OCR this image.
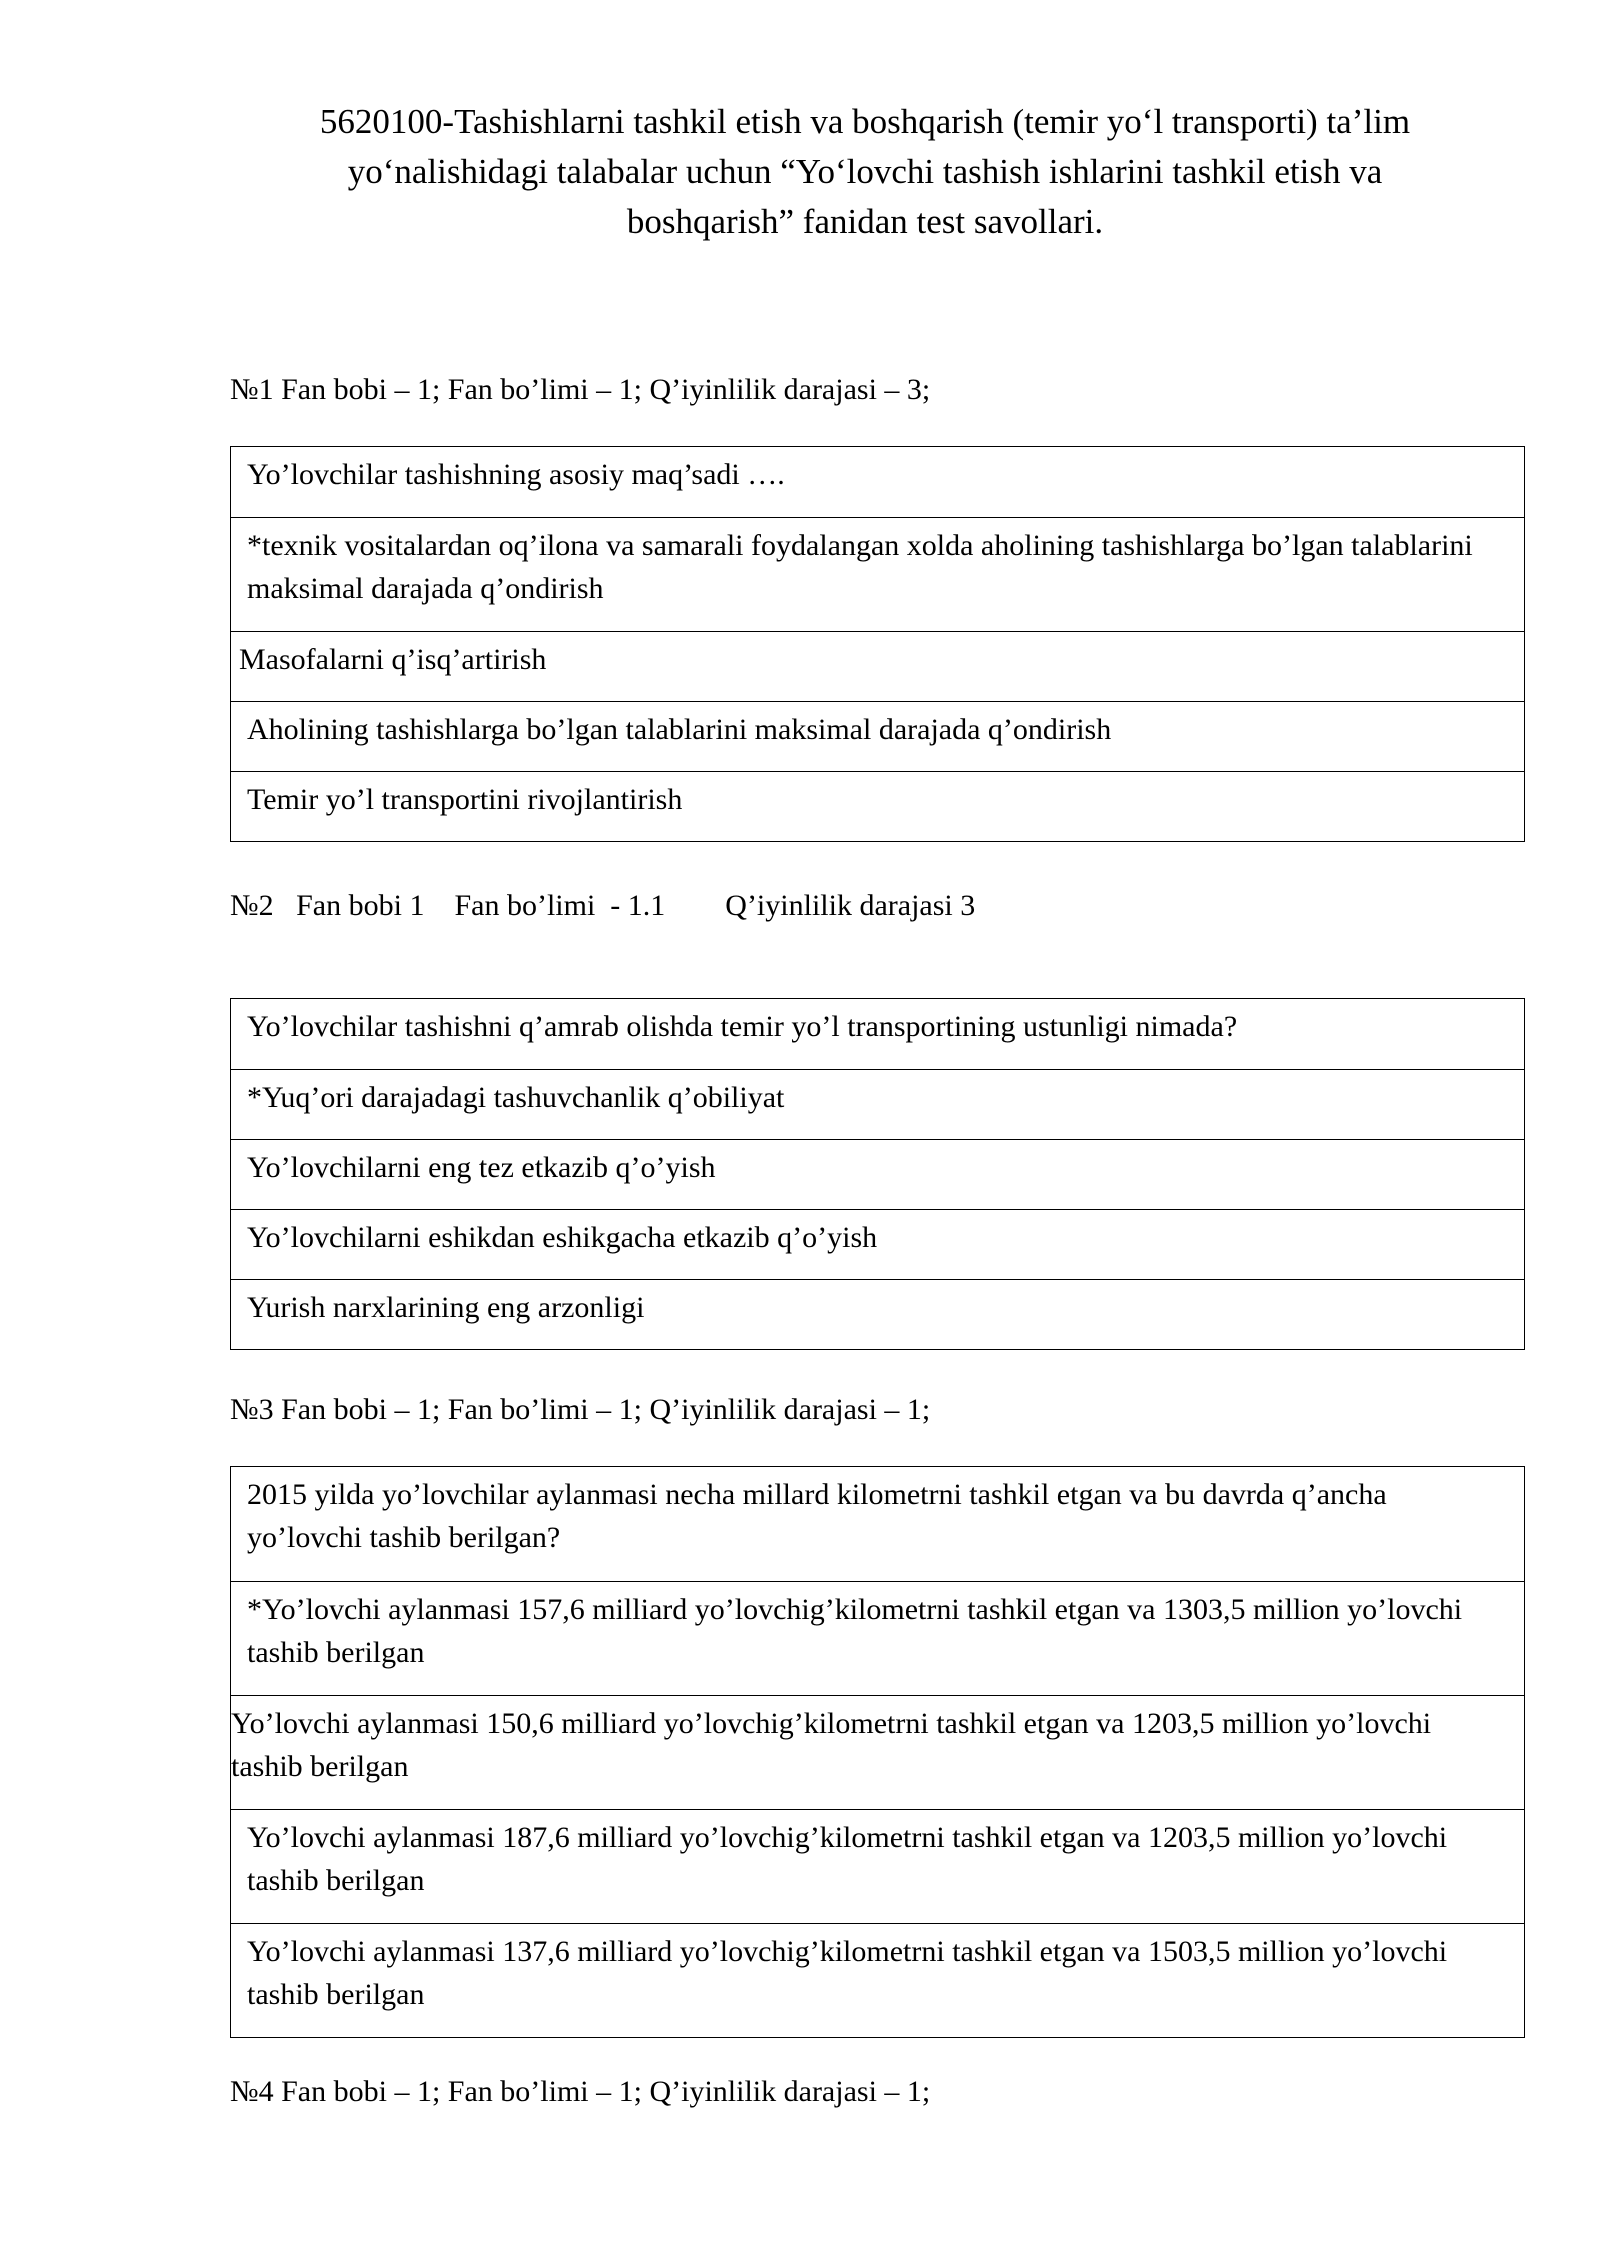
5620100-Tashishlarni tashkil etish va boshqarish (temir yo‘l transporti) ta’lim
yo‘nalishidagi talabalar uchun “Yo‘lovchi tashish ishlarini tashkil etish va
boshqarish” fanidan test savollari.
№1 Fan bobi – 1; Fan bo’limi – 1; Q’iyinlilik darajasi – 3;
Yo’lovchilar tashishning asosiy maq’sadi ….
*texnik vositalardan oq’ilona va samarali foydalangan xolda aholining tashishlarga bo’lgan talablarini maksimal darajada q’ondirish
Masofalarni q’isq’artirish
Aholining tashishlarga bo’lgan talablarini maksimal darajada q’ondirish
Temir yo’l transportini rivojlantirish
№2   Fan bobi 1    Fan bo’limi  - 1.1        Q’iyinlilik darajasi 3
Yo’lovchilar tashishni q’amrab olishda temir yo’l transportining ustunligi nimada?
*Yuq’ori darajadagi tashuvchanlik q’obiliyat
Yo’lovchilarni eng tez etkazib q’o’yish
Yo’lovchilarni eshikdan eshikgacha etkazib q’o’yish
Yurish narxlarining eng arzonligi
№3 Fan bobi – 1; Fan bo’limi – 1; Q’iyinlilik darajasi – 1;
2015 yilda yo’lovchilar aylanmasi necha millard kilometrni tashkil etgan va bu davrda q’ancha yo’lovchi tashib berilgan?
*Yo’lovchi aylanmasi 157,6 milliard yo’lovchig’kilometrni tashkil etgan va 1303,5 million yo’lovchi tashib berilgan
Yo’lovchi aylanmasi 150,6 milliard yo’lovchig’kilometrni tashkil etgan va 1203,5 million yo’lovchi tashib berilgan
Yo’lovchi aylanmasi 187,6 milliard yo’lovchig’kilometrni tashkil etgan va 1203,5 million yo’lovchi tashib berilgan
Yo’lovchi aylanmasi 137,6 milliard yo’lovchig’kilometrni tashkil etgan va 1503,5 million yo’lovchi tashib berilgan
№4 Fan bobi – 1; Fan bo’limi – 1; Q’iyinlilik darajasi – 1;
